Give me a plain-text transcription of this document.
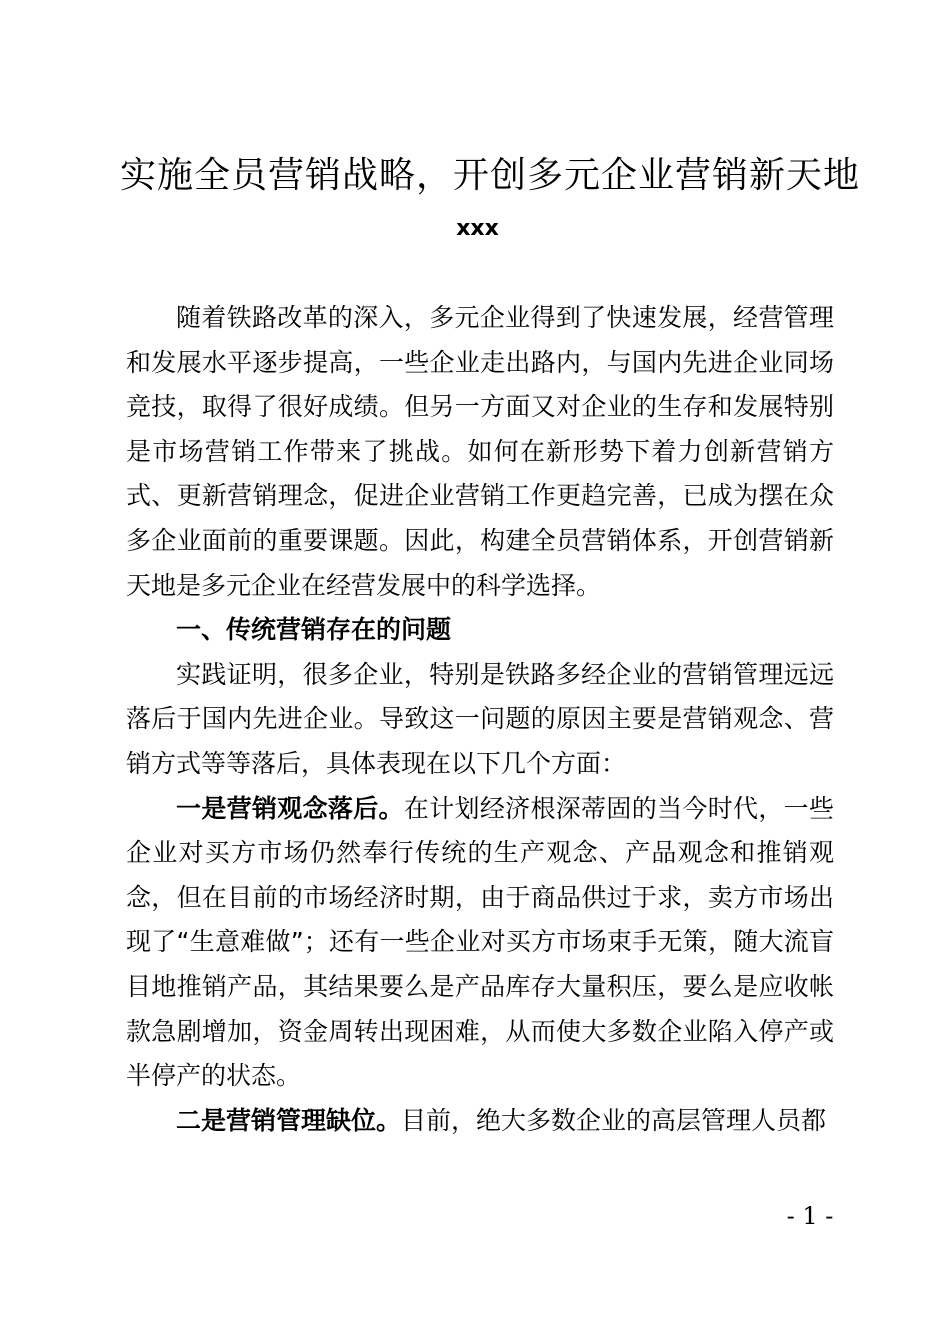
实施全员营销战略，开创多元企业营销新天地
xxx

随着铁路改革的深入，多元企业得到了快速发展，经营管理和发展水平逐步提高，一些企业走出路内，与国内先进企业同场竞技，取得了很好成绩。但另一方面又对企业的生存和发展特别是市场营销工作带来了挑战。如何在新形势下着力创新营销方式、更新营销理念，促进企业营销工作更趋完善，已成为摆在众多企业面前的重要课题。因此，构建全员营销体系，开创营销新天地是多元企业在经营发展中的科学选择。

一、传统营销存在的问题

实践证明，很多企业，特别是铁路多经企业的营销管理远远落后于国内先进企业。导致这一问题的原因主要是营销观念、营销方式等等落后，具体表现在以下几个方面：

一是营销观念落后。在计划经济根深蒂固的当今时代，一些企业对买方市场仍然奉行传统的生产观念、产品观念和推销观念，但在目前的市场经济时期，由于商品供过于求，卖方市场出现了“生意难做”；还有一些企业对买方市场束手无策，随大流盲目地推销产品，其结果要么是产品库存大量积压，要么是应收帐款急剧增加，资金周转出现困难，从而使大多数企业陷入停产或半停产的状态。

二是营销管理缺位。目前，绝大多数企业的高层管理人员都

- 1 -
